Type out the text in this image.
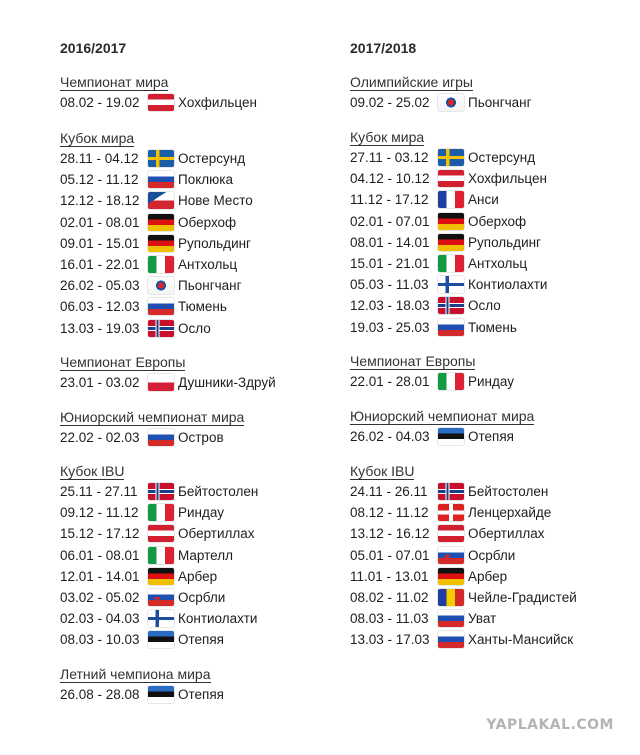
2016/2017
Чемпионат мира
08.02 - 19.02	Хохфильцен
Кубок мира
28.11 - 04.12	Остерсунд
05.12 - 11.12	Поклюка
12.12 - 18.12	Нове Место
02.01 - 08.01	Оберхоф
09.01 - 15.01	Рупольдинг
16.01 - 22.01	Антхольц
26.02 - 05.03	Пьонгчанг
06.03 - 12.03	Тюмень
13.03 - 19.03	Осло
Чемпионат Европы
23.01 - 03.02	Душники-Здруй
Юниорский чемпионат мира
22.02 - 02.03	Остров
Кубок IBU
25.11 - 27.11	Бейтостолен
09.12 - 11.12	Риндау
15.12 - 17.12	Обертиллах
06.01 - 08.01	Мартелл
12.01 - 14.01	Арбер
03.02 - 05.02	Осрбли
02.03 - 04.03	Контиолахти
08.03 - 10.03	Отепяя
Летний чемпиона мира
26.08 - 28.08	Отепяя
2017/2018
Олимпийские игры
09.02 - 25.02	Пьонгчанг
Кубок мира
27.11 - 03.12	Остерсунд
04.12 - 10.12	Хохфильцен
11.12 - 17.12	Анси
02.01 - 07.01	Оберхоф
08.01 - 14.01	Рупольдинг
15.01 - 21.01	Антхольц
05.03 - 11.03	Контиолахти
12.03 - 18.03	Осло
19.03 - 25.03	Тюмень
Чемпионат Европы
22.01 - 28.01	Риндау
Юниорский чемпионат мира
26.02 - 04.03	Отепяя
Кубок IBU
24.11 - 26.11	Бейтостолен
08.12 - 11.12	Ленцерхайде
13.12 - 16.12	Обертиллах
05.01 - 07.01	Осрбли
11.01 - 13.01	Арбер
08.02 - 11.02	Чейле-Градистей
08.03 - 11.03	Уват
13.03 - 17.03	Ханты-Мансийск
YAPLAKAL.COM
